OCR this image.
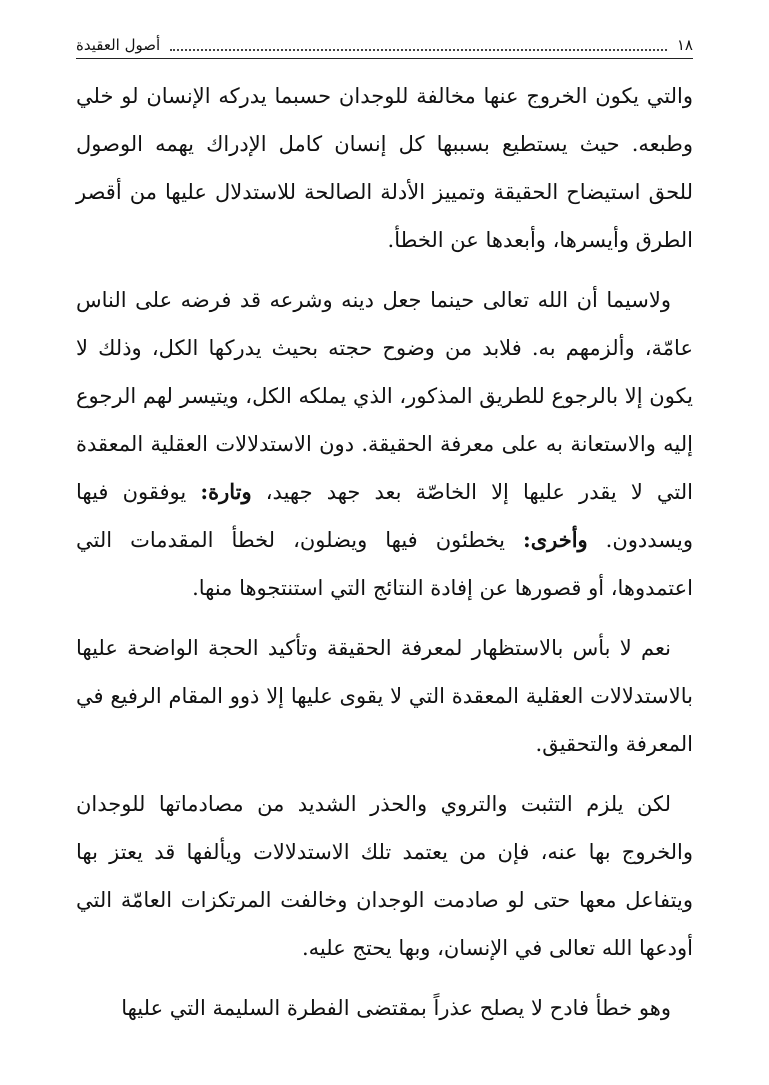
١٨
أصول العقيدة

والتي يكون الخروج عنها مخالفة للوجدان حسبما يدركه الإنسان لو خلي وطبعه. حيث يستطيع بسببها كل إنسان كامل الإدراك يهمه الوصول للحق استيضاح الحقيقة وتمييز الأدلة الصالحة للاستدلال عليها من أقصر الطرق وأيسرها، وأبعدها عن الخطأ.

ولاسيما أن الله تعالى حينما جعل دينه وشرعه قد فرضه على الناس عامّة، وألزمهم به. فلابد من وضوح حجته بحيث يدركها الكل، وذلك لا يكون إلا بالرجوع للطريق المذكور، الذي يملكه الكل، ويتيسر لهم الرجوع إليه والاستعانة به على معرفة الحقيقة. دون الاستدلالات العقلية المعقدة التي لا يقدر عليها إلا الخاصّة بعد جهد جهيد، وتارة: يوفقون فيها ويسددون. وأخرى: يخطئون فيها ويضلون، لخطأ المقدمات التي اعتمدوها، أو قصورها عن إفادة النتائج التي استنتجوها منها.

نعم لا بأس بالاستظهار لمعرفة الحقيقة وتأكيد الحجة الواضحة عليها بالاستدلالات العقلية المعقدة التي لا يقوى عليها إلا ذوو المقام الرفيع في المعرفة والتحقيق.

لكن يلزم التثبت والتروي والحذر الشديد من مصادماتها للوجدان والخروج بها عنه، فإن من يعتمد تلك الاستدلالات ويألفها قد يعتز بها ويتفاعل معها حتى لو صادمت الوجدان وخالفت المرتكزات العامّة التي أودعها الله تعالى في الإنسان، وبها يحتج عليه.

وهو خطأ فادح لا يصلح عذراً بمقتضى الفطرة السليمة التي عليها
